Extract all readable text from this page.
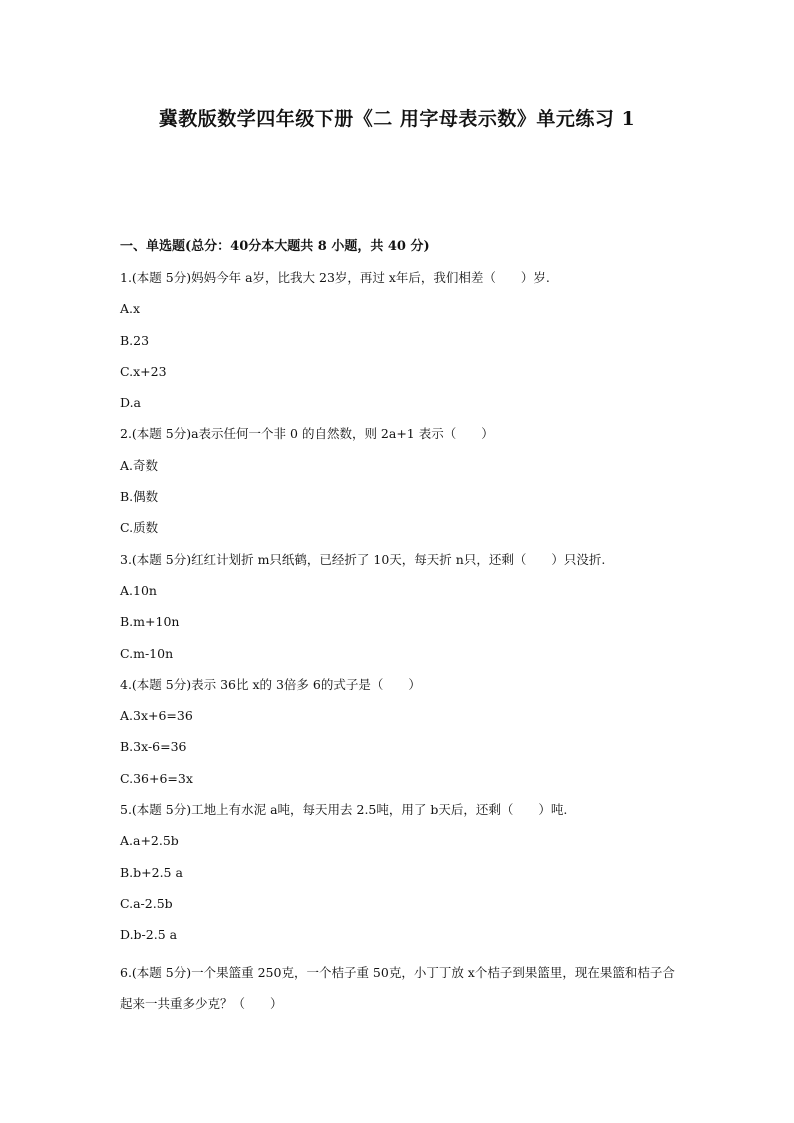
冀教版数学四年级下册《二 用字母表示数》单元练习 1
一、单选题(总分：40分本大题共 8 小题，共 40 分)
1.(本题 5分)妈妈今年 a岁，比我大 23岁，再过 x年后，我们相差（　　）岁.
A.x
B.23
C.x+23
D.a
2.(本题 5分)a表示任何一个非 0 的自然数，则 2a+1 表示（　　）
A.奇数
B.偶数
C.质数
3.(本题 5分)红红计划折 m只纸鹤，已经折了 10天，每天折 n只，还剩（　　）只没折.
A.10n
B.m+10n
C.m-10n
4.(本题 5分)表示 36比 x的 3倍多 6的式子是（　　）
A.3x+6=36
B.3x-6=36
C.36+6=3x
5.(本题 5分)工地上有水泥 a吨，每天用去 2.5吨，用了 b天后，还剩（　　）吨.
A.a+2.5b
B.b+2.5 a
C.a-2.5b
D.b-2.5 a
6.(本题 5分)一个果篮重 250克，一个桔子重 50克，小丁丁放 x个桔子到果篮里，现在果篮和桔子合起来一共重多少克？（　　）
